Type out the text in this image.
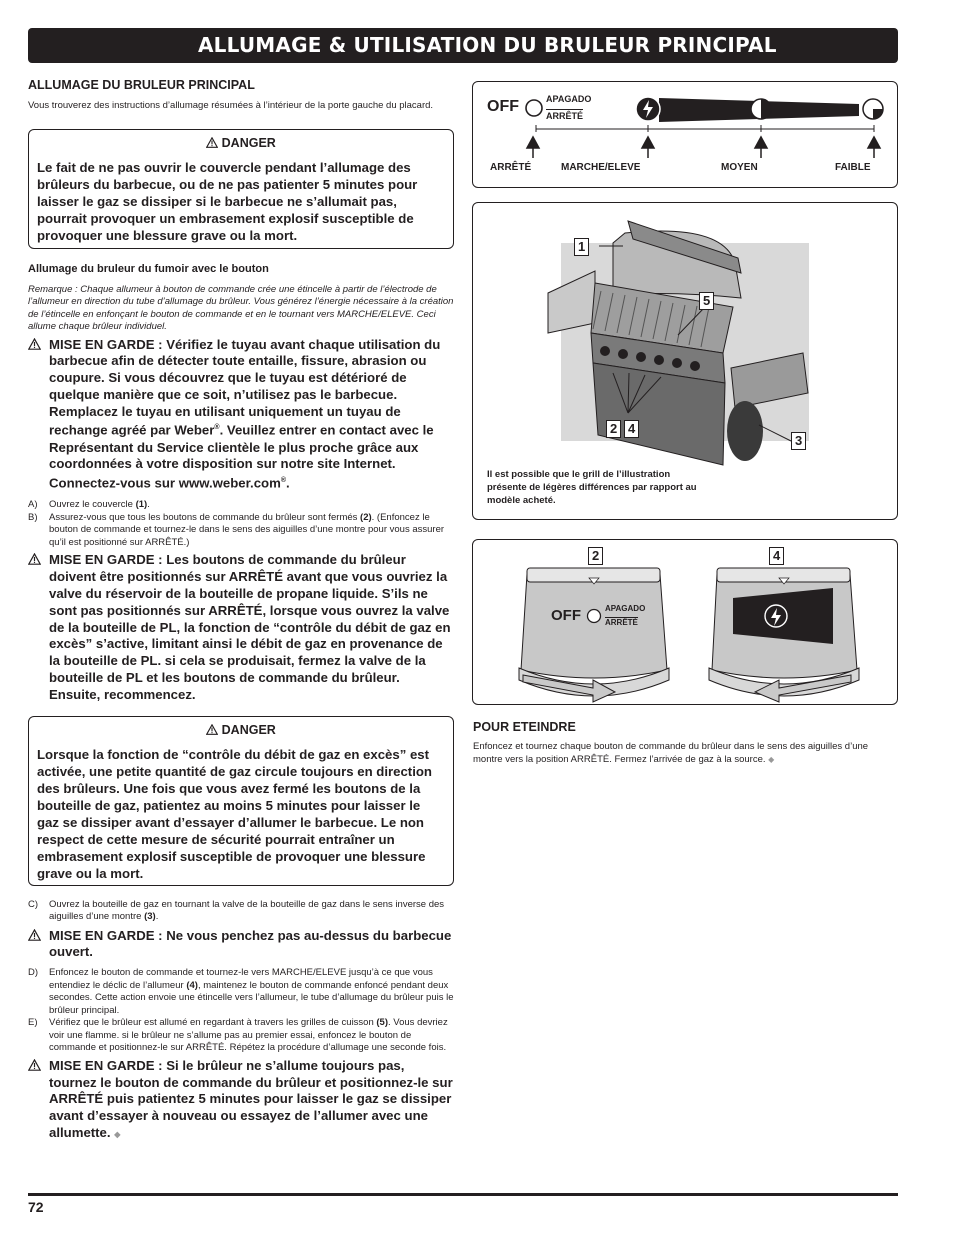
ALLUMAGE & UTILISATION DU BRULEUR PRINCIPAL

ALLUMAGE DU BRULEUR PRINCIPAL

Vous trouverez des instructions d’allumage résumées à l’intérieur de la porte gauche du placard.

DANGER
Le fait de ne pas ouvrir le couvercle pendant l’allumage des brûleurs du barbecue, ou de ne pas patienter 5 minutes pour laisser le gaz se dissiper si le barbecue ne s’allumait pas, pourrait provoquer un embrasement explosif susceptible de provoquer une blessure grave ou la mort.

Allumage du bruleur du fumoir avec le bouton

Remarque : Chaque allumeur à bouton de commande crée une étincelle à partir de l’électrode de l’allumeur en direction du tube d’allumage du brûleur. Vous générez l’énergie nécessaire à la création de l’étincelle en enfonçant le bouton de commande et en le tournant vers MARCHE/ELEVE. Ceci allume chaque brûleur individuel.

MISE EN GARDE : Vérifiez le tuyau avant chaque utilisation du barbecue afin de détecter toute entaille, fissure, abrasion ou coupure. Si vous découvrez que le tuyau est détérioré de quelque manière que ce soit, n’utilisez pas le barbecue. Remplacez le tuyau en utilisant uniquement un tuyau de rechange agréé par Weber®. Veuillez entrer en contact avec le Représentant du Service clientèle le plus proche grâce aux coordonnées à votre disposition sur notre site Internet. Connectez-vous sur www.weber.com®.
A) Ouvrez le couvercle (1).
B) Assurez-vous que tous les boutons de commande du brûleur sont fermés (2). (Enfoncez le bouton de commande et tournez-le dans le sens des aiguilles d’une montre pour vous assurer qu’il est positionné sur ARRÊTÉ.)
MISE EN GARDE : Les boutons de commande du brûleur doivent être positionnés sur ARRÊTÉ avant que vous ouvriez la valve du réservoir de la bouteille de propane liquide. S’ils ne sont pas positionnés sur ARRÊTÉ, lorsque vous ouvrez la valve de la bouteille de PL, la fonction de “contrôle du débit de gaz en excès” s’active, limitant ainsi le débit de gaz en provenance de la bouteille de PL. si cela se produisait, fermez la valve de la bouteille de PL et les boutons de commande du brûleur. Ensuite, recommencez.
DANGER
Lorsque la fonction de “contrôle du débit de gaz en excès” est activée, une petite quantité de gaz circule toujours en direction des brûleurs. Une fois que vous avez fermé les boutons de la bouteille de gaz, patientez au moins 5 minutes pour laisser le gaz se dissiper avant d’essayer d’allumer le barbecue. Le non respect de cette mesure de sécurité pourrait entraîner un embrasement explosif susceptible de provoquer une blessure grave ou la mort.
C) Ouvrez la bouteille de gaz en tournant la valve de la bouteille de gaz dans le sens inverse des aiguilles d’une montre (3).
MISE EN GARDE : Ne vous penchez pas au-dessus du barbecue ouvert.
D) Enfoncez le bouton de commande et tournez-le vers MARCHE/ELEVE jusqu’à ce que vous entendiez le déclic de l’allumeur (4), maintenez le bouton de commande enfoncé pendant deux secondes. Cette action envoie une étincelle vers l’allumeur, le tube d’allumage du brûleur puis le brûleur principal.
E) Vérifiez que le brûleur est allumé en regardant à travers les grilles de cuisson (5). Vous devriez voir une flamme. si le brûleur ne s’allume pas au premier essai, enfoncez le bouton de commande et positionnez-le sur ARRÊTÉ. Répétez la procédure d’allumage une seconde fois.
MISE EN GARDE : Si le brûleur ne s’allume toujours pas, tournez le bouton de commande du brûleur et positionnez-le sur ARRÊTÉ puis patientez 5 minutes pour laisser le gaz se dissiper avant d’essayer à nouveau ou essayez de l’allumer avec une allumette. ◆
OFF	APAGADO
ARRÊTÉ
ARRÊTÉ	MARCHE/ELEVE	MOYEN	FAIBLE
1
5
2 4
3

Il est possible que le grill de l’illustration présente de légères différences par rapport au modèle acheté.

2	4
OFF	APAGADO
ARRÊTÉ

POUR ETEINDRE

Enfoncez et tournez chaque bouton de commande du brûleur dans le sens des aiguilles d’une montre vers la position ARRÊTÉ. Fermez l’arrivée de gaz à la source. ◆

72
